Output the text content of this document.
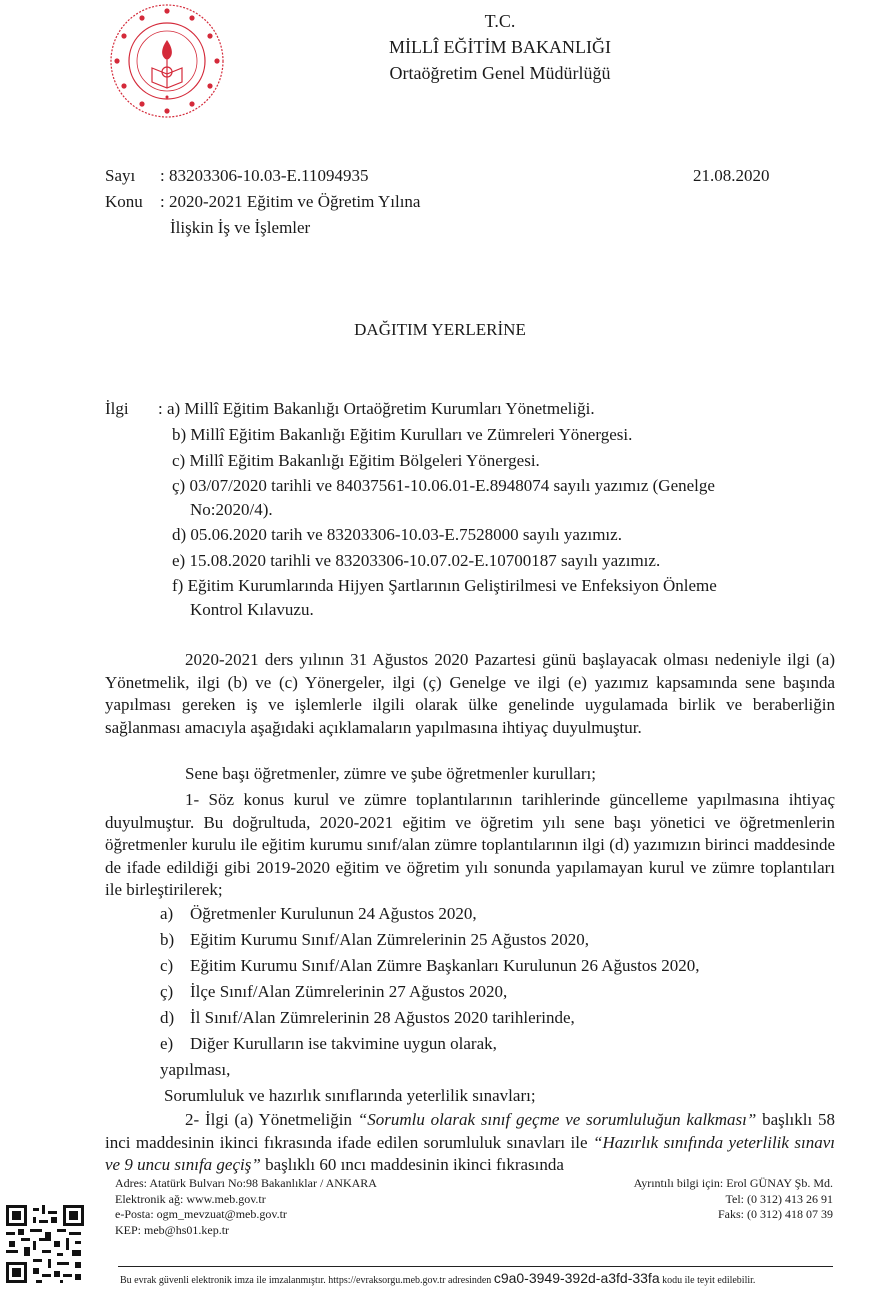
T.C.
MİLLÎ EĞİTİM BAKANLIĞI
Ortaöğretim Genel Müdürlüğü
Sayı : 83203306-10.03-E.11094935	21.08.2020
Konu : 2020-2021 Eğitim ve Öğretim Yılına
İlişkin İş ve İşlemler
DAĞITIM YERLERİNE
İlgi : a) Millî Eğitim Bakanlığı Ortaöğretim Kurumları Yönetmeliği.
b) Millî Eğitim Bakanlığı Eğitim Kurulları ve Zümreleri Yönergesi.
c) Millî Eğitim Bakanlığı Eğitim Bölgeleri Yönergesi.
ç) 03/07/2020 tarihli ve 84037561-10.06.01-E.8948074 sayılı yazımız (Genelge
No:2020/4).
d) 05.06.2020 tarih ve 83203306-10.03-E.7528000 sayılı yazımız.
e) 15.08.2020 tarihli ve 83203306-10.07.02-E.10700187 sayılı yazımız.
f) Eğitim Kurumlarında Hijyen Şartlarının Geliştirilmesi ve Enfeksiyon Önleme
Kontrol Kılavuzu.
2020-2021 ders yılının 31 Ağustos 2020 Pazartesi günü başlayacak olması nedeniyle ilgi (a) Yönetmelik, ilgi (b) ve (c) Yönergeler, ilgi (ç) Genelge ve ilgi (e) yazımız kapsamında sene başında yapılması gereken iş ve işlemlerle ilgili olarak ülke genelinde uygulamada birlik ve beraberliğin sağlanması amacıyla aşağıdaki açıklamaların yapılmasına ihtiyaç duyulmuştur.
Sene başı öğretmenler, zümre ve şube öğretmenler kurulları;
1- Söz konus kurul ve zümre toplantılarının tarihlerinde güncelleme yapılmasına ihtiyaç duyulmuştur. Bu doğrultuda, 2020-2021 eğitim ve öğretim yılı sene başı yönetici ve öğretmenlerin öğretmenler kurulu ile eğitim kurumu sınıf/alan zümre toplantılarının ilgi (d) yazımızın birinci maddesinde de ifade edildiği gibi 2019-2020 eğitim ve öğretim yılı sonunda yapılamayan kurul ve zümre toplantıları ile birleştirilerek;
a) Öğretmenler Kurulunun 24 Ağustos 2020,
b) Eğitim Kurumu Sınıf/Alan Zümrelerinin 25 Ağustos 2020,
c) Eğitim Kurumu Sınıf/Alan Zümre Başkanları Kurulunun 26 Ağustos 2020,
ç) İlçe Sınıf/Alan Zümrelerinin 27 Ağustos 2020,
d) İl Sınıf/Alan Zümrelerinin 28 Ağustos 2020 tarihlerinde,
e) Diğer Kurulların ise takvimine uygun olarak,
yapılması,
Sorumluluk ve hazırlık sınıflarında yeterlilik sınavları;
2- İlgi (a) Yönetmeliğin “Sorumlu olarak sınıf geçme ve sorumluluğun kalkması” başlıklı 58 inci maddesinin ikinci fıkrasında ifade edilen sorumluluk sınavları ile “Hazırlık sınıfında yeterlilik sınavı ve 9 uncu sınıfa geçiş” başlıklı 60 ıncı maddesinin ikinci fıkrasında
Adres: Atatürk Bulvarı No:98 Bakanlıklar / ANKARA
Elektronik ağ: www.meb.gov.tr
e-Posta: ogm_mevzuat@meb.gov.tr
KEP: meb@hs01.kep.tr
Ayrıntılı bilgi için: Erol GÜNAY Şb. Md.
Tel: (0 312) 413 26 91
Faks: (0 312) 418 07 39
Bu evrak güvenli elektronik imza ile imzalanmıştır. https://evraksorgu.meb.gov.tr adresinden c9a0-3949-392d-a3fd-33fa kodu ile teyit edilebilir.
